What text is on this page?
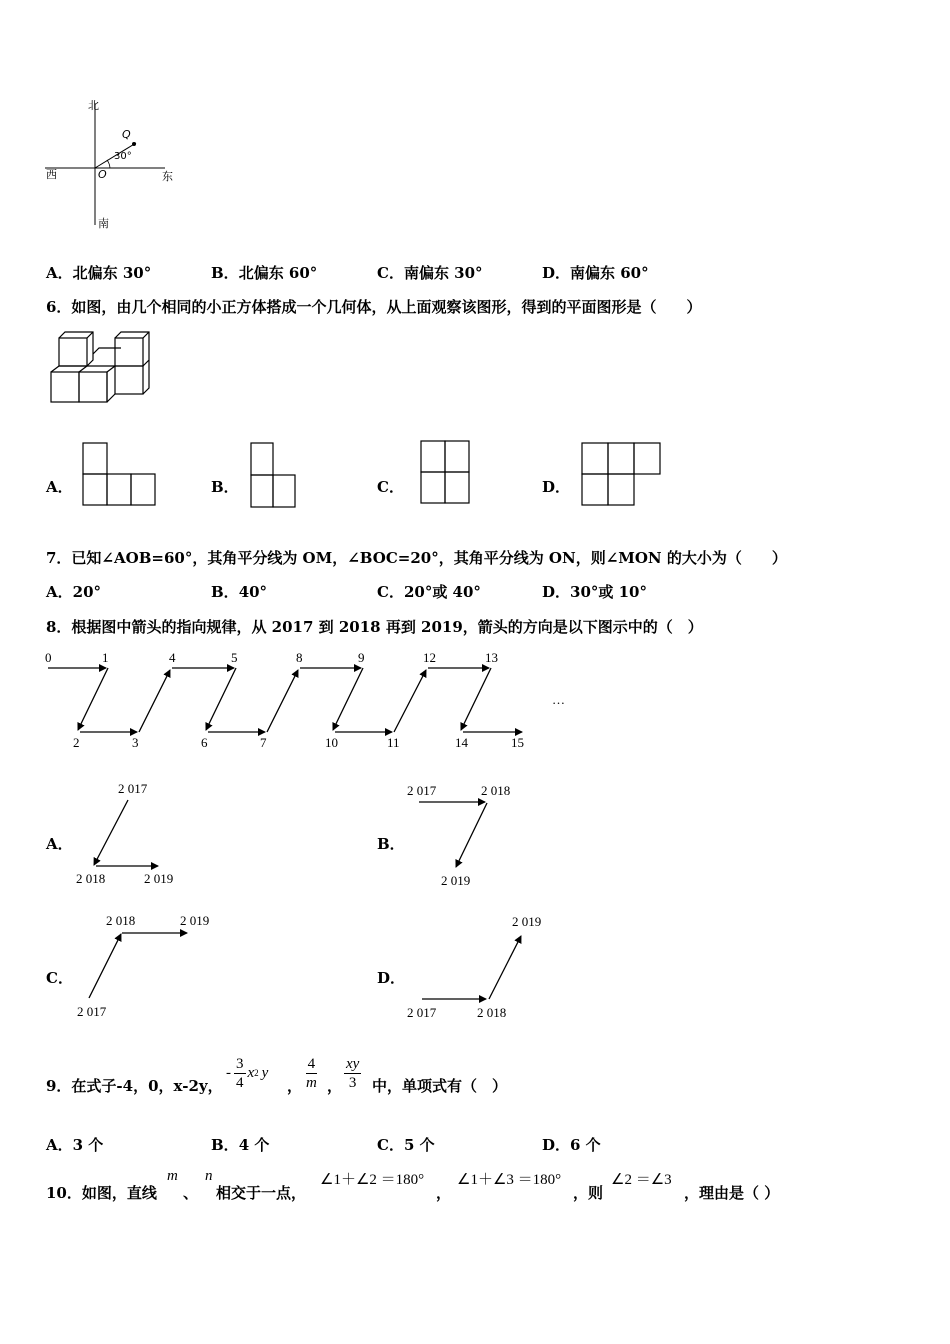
北
南
西	东
O
Q
30°
A．北偏东 30°	B．北偏东 60°	C．南偏东 30°	D．南偏东 60°
6．如图，由几个相同的小正方体搭成一个几何体，从上面观察该图形，得到的平面图形是（　　）
A．	B．	C．	D．
7．已知∠AOB=60°，其角平分线为 OM，∠BOC=20°，其角平分线为 ON，则∠MON 的大小为（　　）
A．20°	B．40°	C．20°或 40°	D．30°或 10°
8．根据图中箭头的指向规律，从 2017 到 2018 再到 2019，箭头的方向是以下图示中的（　）
0	1	4	5	8	9	12	13
2	3	6	7	10	11	14	15
…
A．
2 017
2 018	2 019
B．
2 017	2 018
2 019
C．
2 018	2 019
2 017
D．
2 019
2 017	2 018
9．在式子-4，0，x-2y，
- $\frac{3}{4}$ x 2 y
， $\frac{4}{m}$ ， $\frac{xy}{3}$ 中，单项式有（　）
A．3 个	B．4 个	C．5 个	D．6 个
10．如图，直线
m
、
n
相交于一点，
∠1＋∠2 ＝180°
，
∠1＋∠3 ＝180°
，则
∠2 ＝∠3
，理由是（ ）
